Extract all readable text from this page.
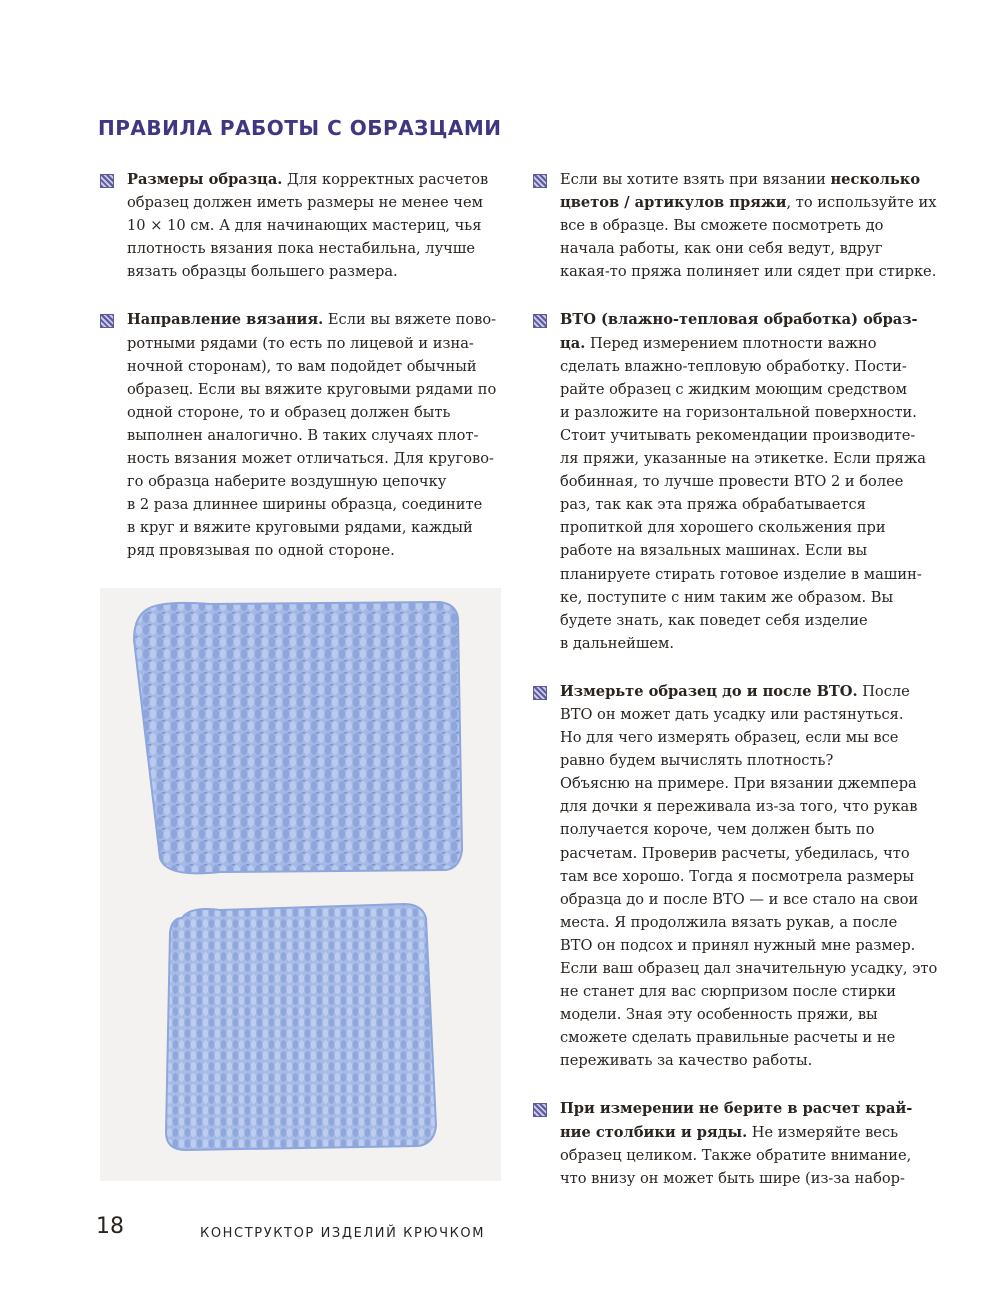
ПРАВИЛА РАБОТЫ С ОБРАЗЦАМИ

Размеры образца. Для корректных расчетов
образец должен иметь размеры не менее чем
10 × 10 см. А для начинающих мастериц, чья
плотность вязания пока нестабильна, лучше
вязать образцы большего размера.

Направление вязания. Если вы вяжете пово-
ротными рядами (то есть по лицевой и изна-
ночной сторонам), то вам подойдет обычный
образец. Если вы вяжите круговыми рядами по
одной стороне, то и образец должен быть
выполнен аналогично. В таких случаях плот-
ность вязания может отличаться. Для кругово-
го образца наберите воздушную цепочку
в 2 раза длиннее ширины образца, соедините
в круг и вяжите круговыми рядами, каждый
ряд провязывая по одной стороне.

Если вы хотите взять при вязании несколько
цветов / артикулов пряжи, то используйте их
все в образце. Вы сможете посмотреть до
начала работы, как они себя ведут, вдруг
какая-то пряжа полиняет или сядет при стирке.

ВТО (влажно-тепловая обработка) образ-
ца. Перед измерением плотности важно
сделать влажно-тепловую обработку. Пости-
райте образец с жидким моющим средством
и разложите на горизонтальной поверхности.
Стоит учитывать рекомендации производите-
ля пряжи, указанные на этикетке. Если пряжа
бобинная, то лучше провести ВТО 2 и более
раз, так как эта пряжа обрабатывается
пропиткой для хорошего скольжения при
работе на вязальных машинах. Если вы
планируете стирать готовое изделие в машин-
ке, поступите с ним таким же образом. Вы
будете знать, как поведет себя изделие
в дальнейшем.

Измерьте образец до и после ВТО. После
ВТО он может дать усадку или растянуться.
Но для чего измерять образец, если мы все
равно будем вычислять плотность?
Объясню на примере. При вязании джемпера
для дочки я переживала из-за того, что рукав
получается короче, чем должен быть по
расчетам. Проверив расчеты, убедилась, что
там все хорошо. Тогда я посмотрела размеры
образца до и после ВТО — и все стало на свои
места. Я продолжила вязать рукав, а после
ВТО он подсох и принял нужный мне размер.
Если ваш образец дал значительную усадку, это
не станет для вас сюрпризом после стирки
модели. Зная эту особенность пряжи, вы
сможете сделать правильные расчеты и не
переживать за качество работы.

При измерении не берите в расчет край-
ние столбики и ряды. Не измеряйте весь
образец целиком. Также обратите внимание,
что внизу он может быть шире (из-за набор-

18	КОНСТРУКТОР ИЗДЕЛИЙ КРЮЧКОМ
